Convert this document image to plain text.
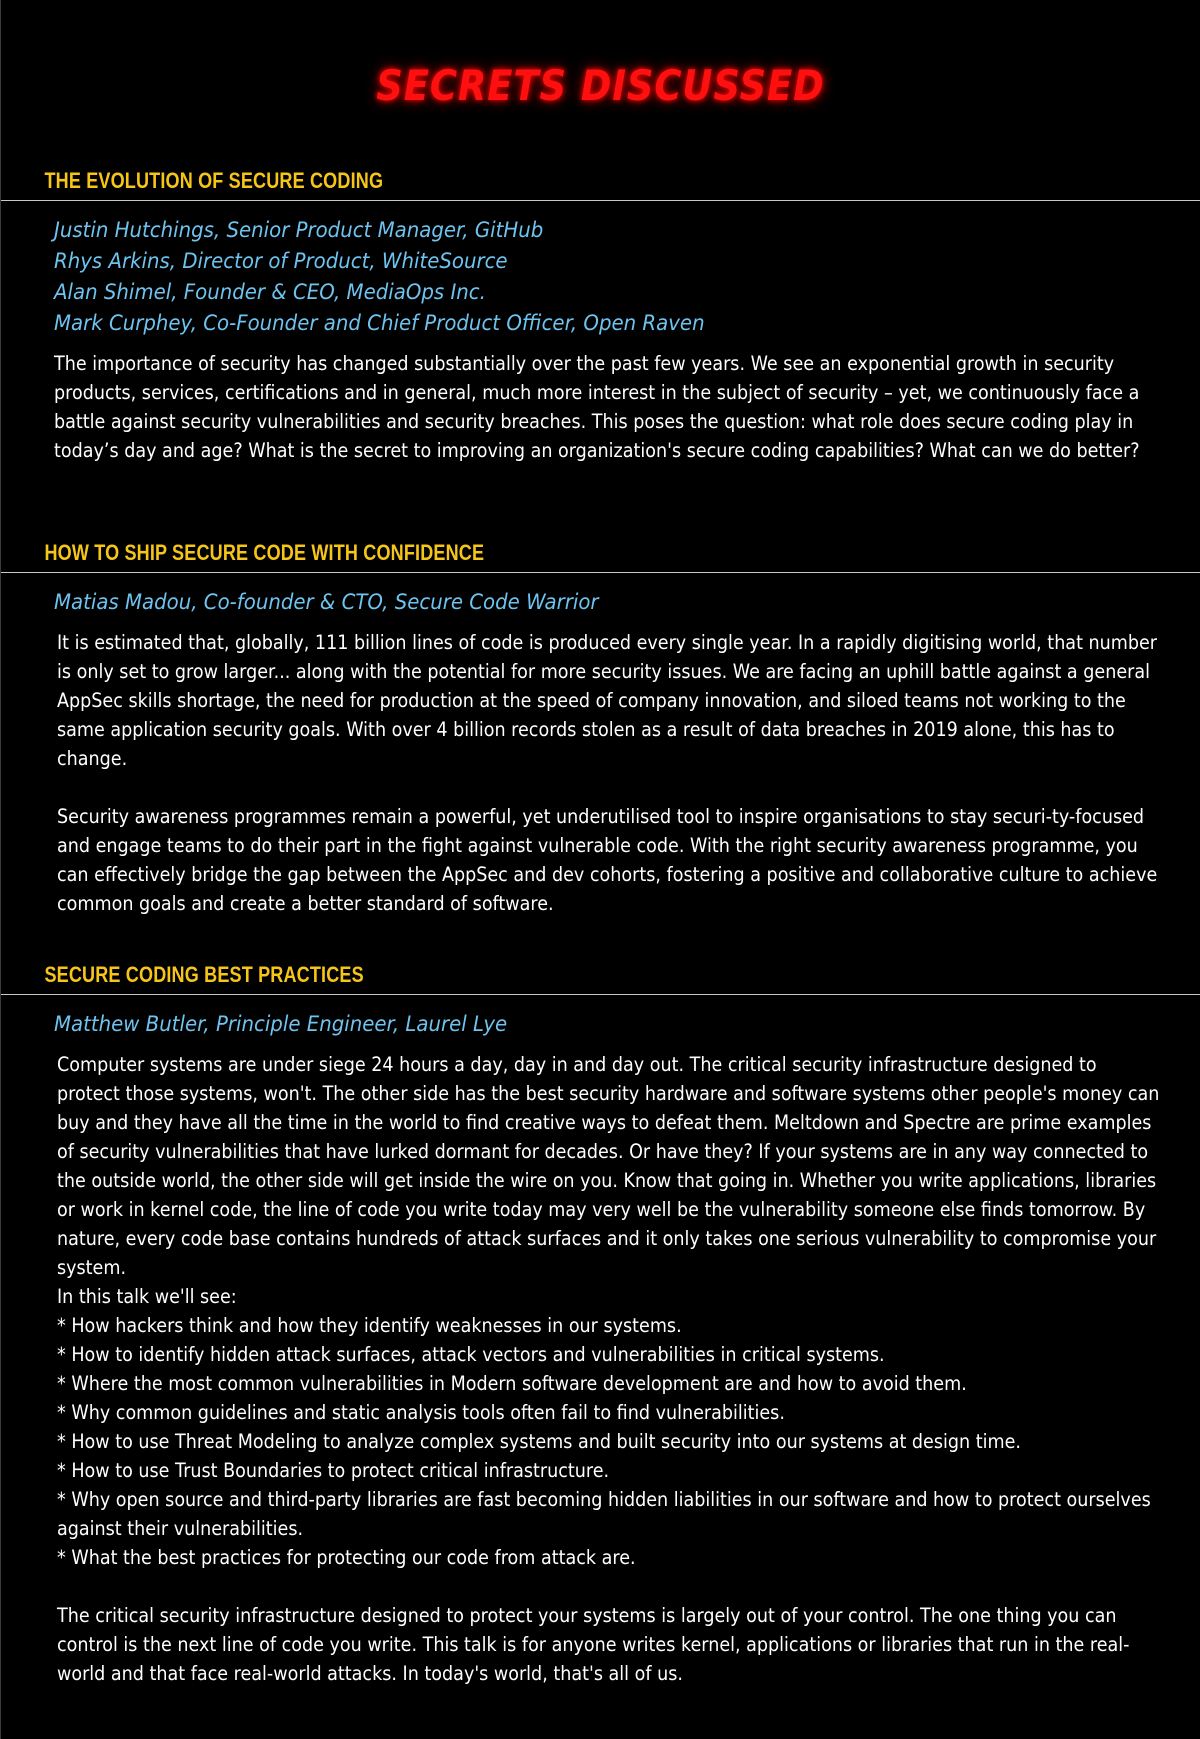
SECRETS DISCUSSED
THE EVOLUTION OF SECURE CODING
Justin Hutchings, Senior Product Manager, GitHub
Rhys Arkins, Director of Product, WhiteSource
Alan Shimel, Founder & CEO, MediaOps Inc.
Mark Curphey, Co-Founder and Chief Product Officer, Open Raven

The importance of security has changed substantially over the past few years. We see an exponential growth in security products, services, certifications and in general, much more interest in the subject of security – yet, we continuously face a battle against security vulnerabilities and security breaches. This poses the question: what role does secure coding play in today’s day and age? What is the secret to improving an organization's secure coding capabilities? What can we do better?

HOW TO SHIP SECURE CODE WITH CONFIDENCE
Matias Madou, Co-founder & CTO, Secure Code Warrior

It is estimated that, globally, 111 billion lines of code is produced every single year. In a rapidly digitising world, that number is only set to grow larger... along with the potential for more security issues. We are facing an uphill battle against a general AppSec skills shortage, the need for production at the speed of company innovation, and siloed teams not working to the same application security goals. With over 4 billion records stolen as a result of data breaches in 2019 alone, this has to change.

Security awareness programmes remain a powerful, yet underutilised tool to inspire organisations to stay securi-ty-focused and engage teams to do their part in the fight against vulnerable code. With the right security awareness programme, you can effectively bridge the gap between the AppSec and dev cohorts, fostering a positive and collaborative culture to achieve common goals and create a better standard of software.

SECURE CODING BEST PRACTICES
Matthew Butler, Principle Engineer, Laurel Lye

Computer systems are under siege 24 hours a day, day in and day out. The critical security infrastructure designed to protect those systems, won't. The other side has the best security hardware and software systems other people's money can buy and they have all the time in the world to find creative ways to defeat them. Meltdown and Spectre are prime examples of security vulnerabilities that have lurked dormant for decades. Or have they? If your systems are in any way connected to the outside world, the other side will get inside the wire on you. Know that going in. Whether you write applications, libraries or work in kernel code, the line of code you write today may very well be the vulnerability someone else finds tomorrow. By nature, every code base contains hundreds of attack surfaces and it only takes one serious vulnerability to compromise your system.

In this talk we'll see:

* How hackers think and how they identify weaknesses in our systems.

* How to identify hidden attack surfaces, attack vectors and vulnerabilities in critical systems.

* Where the most common vulnerabilities in Modern software development are and how to avoid them.

* Why common guidelines and static analysis tools often fail to find vulnerabilities.

* How to use Threat Modeling to analyze complex systems and built security into our systems at design time.

* How to use Trust Boundaries to protect critical infrastructure.

* Why open source and third-party libraries are fast becoming hidden liabilities in our software and how to protect ourselves against their vulnerabilities.

* What the best practices for protecting our code from attack are.

The critical security infrastructure designed to protect your systems is largely out of your control. The one thing you can control is the next line of code you write. This talk is for anyone writes kernel, applications or libraries that run in the real-world and that face real-world attacks. In today's world, that's all of us.
